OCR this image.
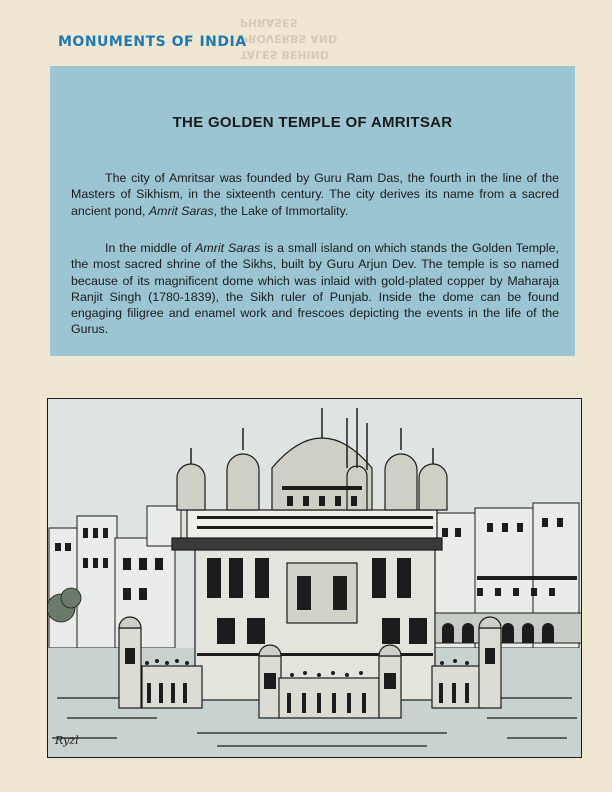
TALES BEHIND PROVERBS AND PHRASES
MONUMENTS OF INDIA
THE GOLDEN TEMPLE OF AMRITSAR

The city of Amritsar was founded by Guru Ram Das, the fourth in the line of the Masters of Sikhism, in the sixteenth century. The city derives its name from a sacred ancient pond, Amrit Saras, the Lake of Immortality.

In the middle of Amrit Saras is a small island on which stands the Golden Temple, the most sacred shrine of the Sikhs, built by Guru Arjun Dev. The temple is so named because of its magnificent dome which was inlaid with gold-plated copper by Maharaja Ranjit Singh (1780-1839), the Sikh ruler of Punjab. Inside the dome can be found engaging filigree and enamel work and frescoes depicting the events in the life of the Gurus.

Ryzl
